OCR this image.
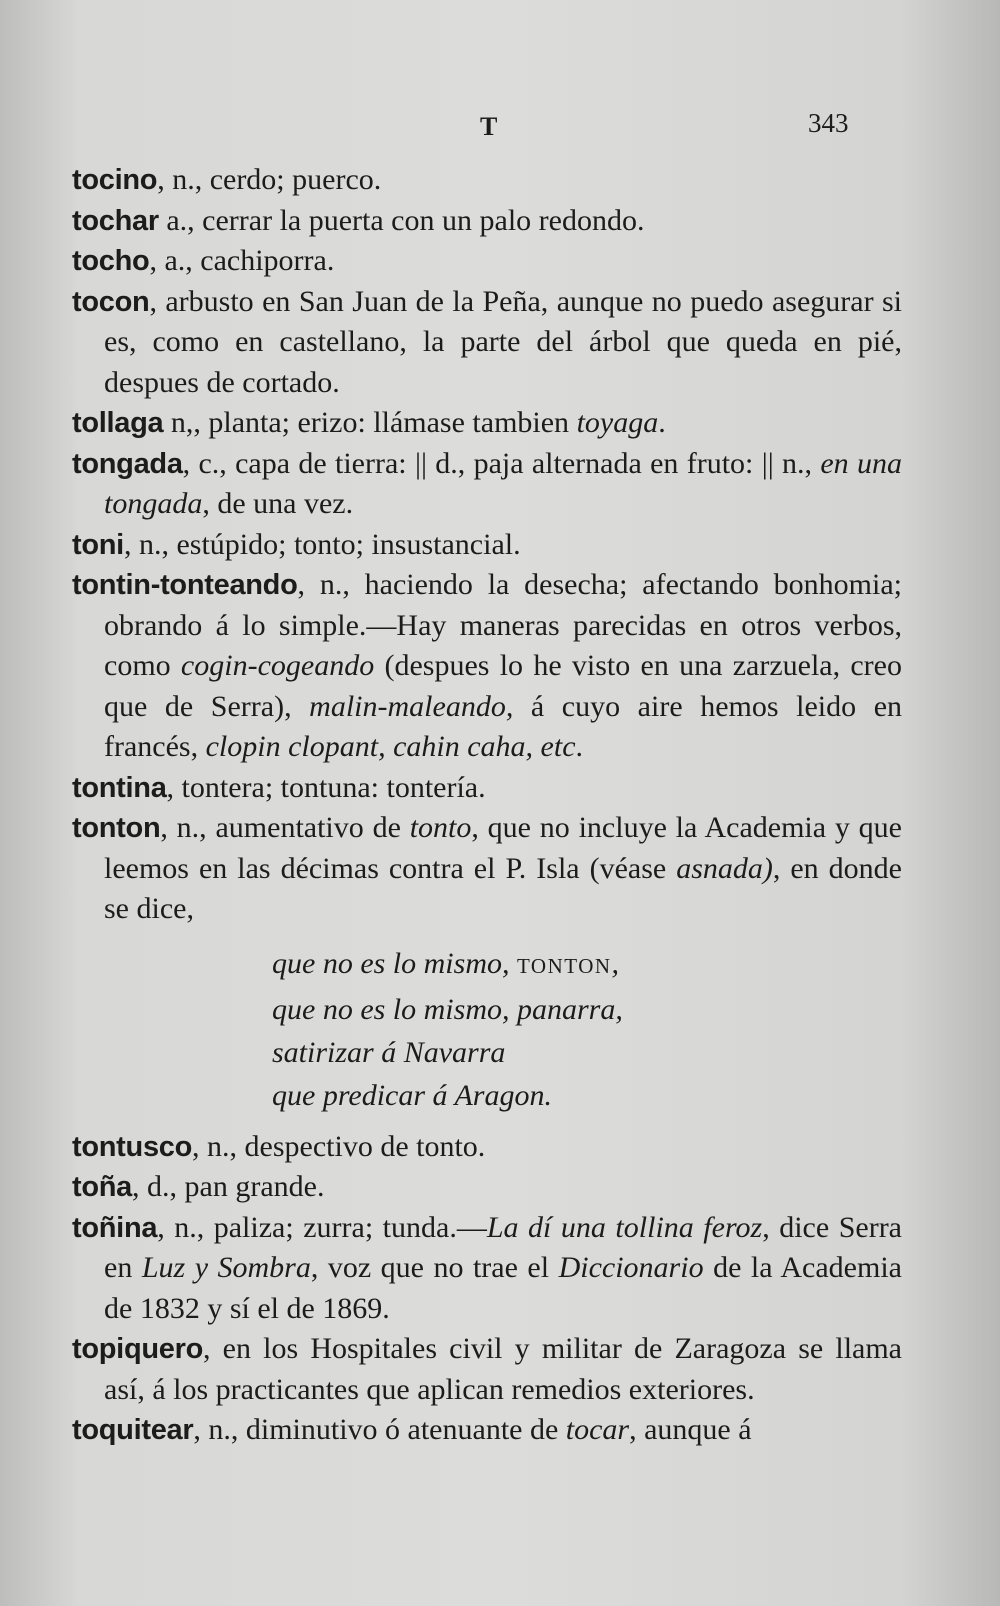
T	343

tocino, n., cerdo; puerco.

tochar a., cerrar la puerta con un palo redondo.

tocho, a., cachiporra.

tocon, arbusto en San Juan de la Peña, aunque no puedo asegurar si es, como en castellano, la parte del árbol que queda en pié, despues de cortado.

tollaga n,, planta; erizo: llámase tambien toyaga.

tongada, c., capa de tierra: || d., paja alternada en fruto: || n., en una tongada, de una vez.

toni, n., estúpido; tonto; insustancial.

tontin-tonteando, n., haciendo la desecha; afectando bonhomia; obrando á lo simple.—Hay maneras parecidas en otros verbos, como cogin-cogeando (despues lo he visto en una zarzuela, creo que de Serra), malin-maleando, á cuyo aire hemos leido en francés, clopin clopant, cahin caha, etc.

tontina, tontera; tontuna: tontería.

tonton, n., aumentativo de tonto, que no incluye la Academia y que leemos en las décimas contra el P. Isla (véase asnada), en donde se dice,

que no es lo mismo, TONTON,
que no es lo mismo, panarra,
satirizar á Navarra
que predicar á Aragon.

tontusco, n., despectivo de tonto.

toña, d., pan grande.

toñina, n., paliza; zurra; tunda.—La dí una tollina feroz, dice Serra en Luz y Sombra, voz que no trae el Diccionario de la Academia de 1832 y sí el de 1869.

topiquero, en los Hospitales civil y militar de Zaragoza se llama así, á los practicantes que aplican remedios exteriores.

toquitear, n., diminutivo ó atenuante de tocar, aunque á
